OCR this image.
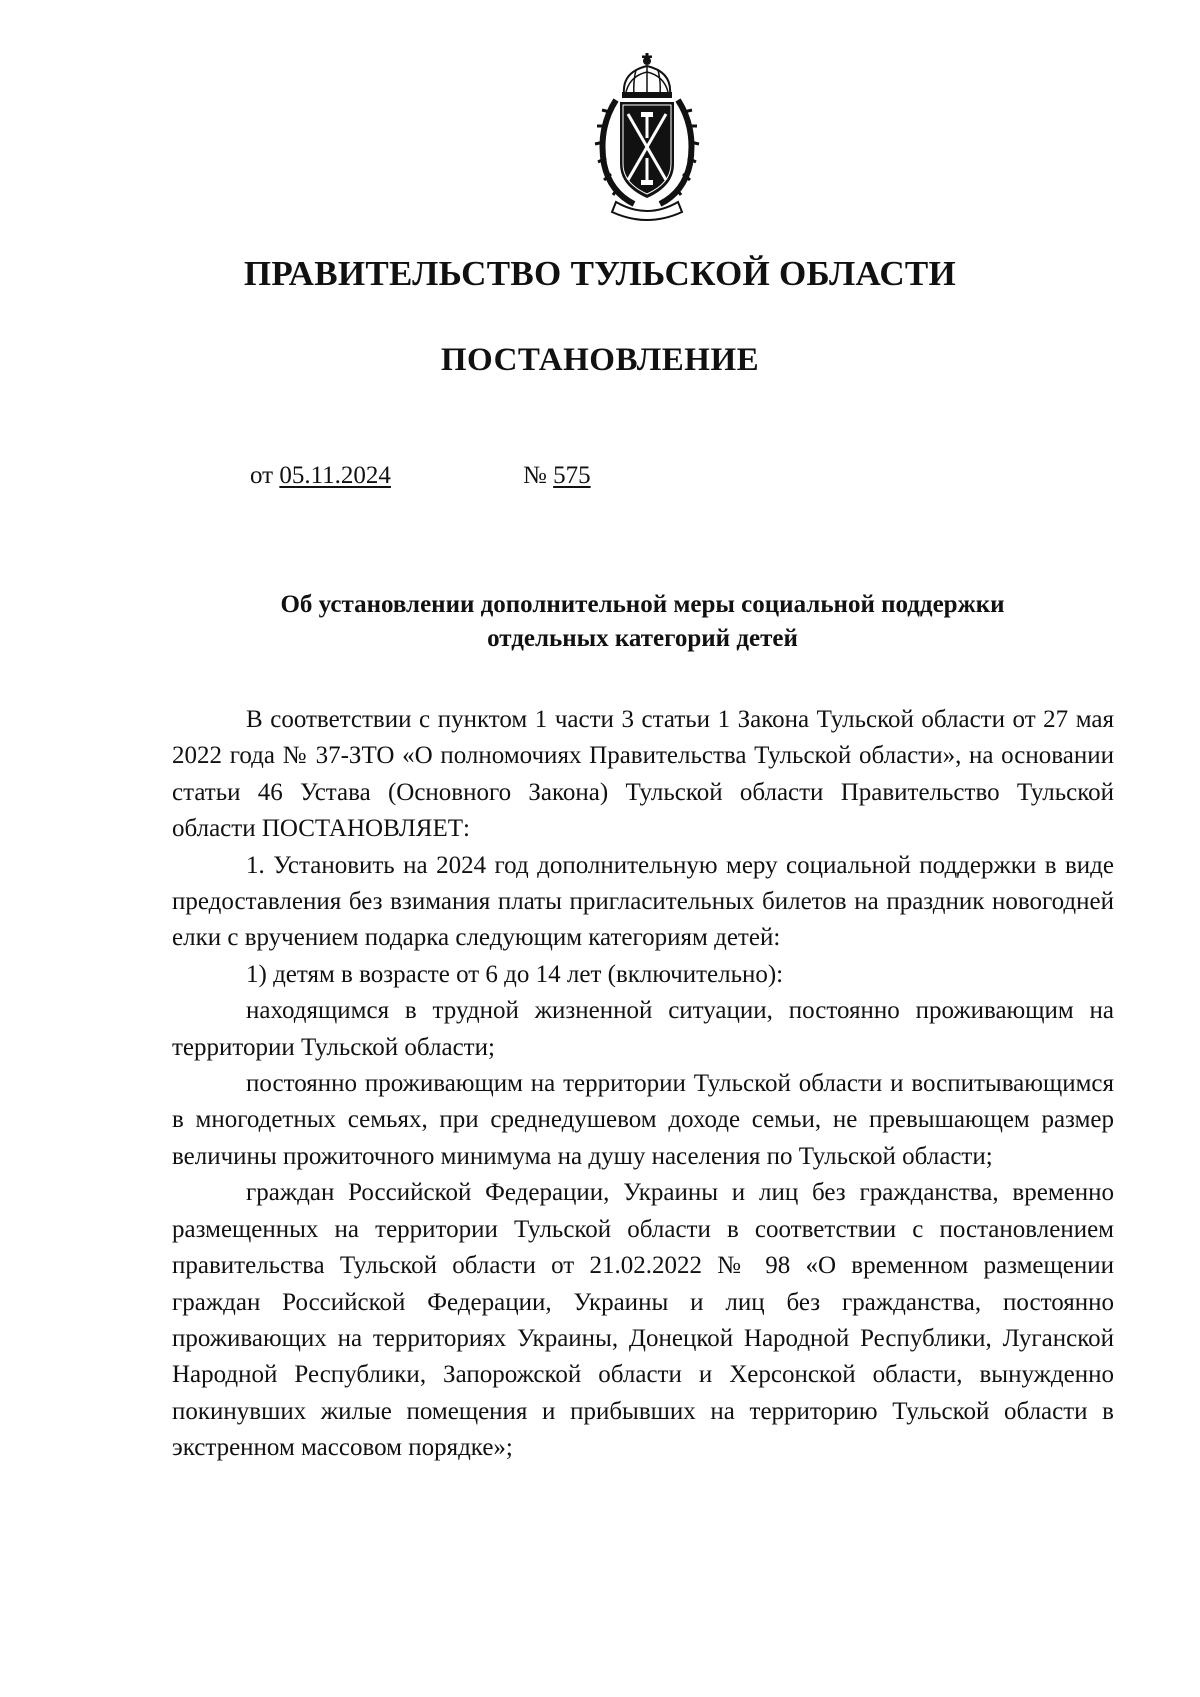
ПРАВИТЕЛЬСТВО ТУЛЬСКОЙ ОБЛАСТИ
ПОСТАНОВЛЕНИЕ
от 05.11.2024	№ 575
Об установлении дополнительной меры социальной поддержки
отдельных категорий детей

В соответствии с пунктом 1 части 3 статьи 1 Закона Тульской области от 27 мая 2022 года № 37-ЗТО «О полномочиях Правительства Тульской области», на основании статьи 46 Устава (Основного Закона) Тульской области Правительство Тульской области ПОСТАНОВЛЯЕТ:

1. Установить на 2024 год дополнительную меру социальной поддержки в виде предоставления без взимания платы пригласительных билетов на праздник новогодней елки с вручением подарка следующим категориям детей:

1) детям в возрасте от 6 до 14 лет (включительно):

находящимся в трудной жизненной ситуации, постоянно проживающим на территории Тульской области;

постоянно проживающим на территории Тульской области и воспитывающимся в многодетных семьях, при среднедушевом доходе семьи, не превышающем размер величины прожиточного минимума на душу населения по Тульской области;

граждан Российской Федерации, Украины и лиц без гражданства, временно размещенных на территории Тульской области в соответствии с постановлением правительства Тульской области от 21.02.2022 № 98 «О временном размещении граждан Российской Федерации, Украины и лиц без гражданства, постоянно проживающих на территориях Украины, Донецкой Народной Республики, Луганской Народной Республики, Запорожской области и Херсонской области, вынужденно покинувших жилые помещения и прибывших на территорию Тульской области в экстренном массовом порядке»;
